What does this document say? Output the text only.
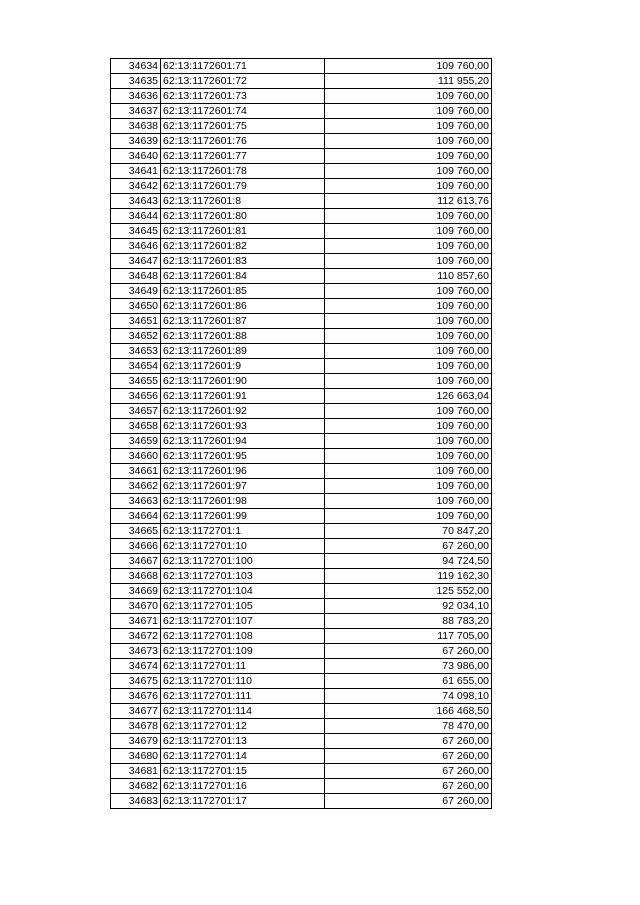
34634	62:13:1172601:71	109 760,00
34635	62:13:1172601:72	111 955,20
34636	62:13:1172601:73	109 760,00
34637	62:13:1172601:74	109 760,00
34638	62:13:1172601:75	109 760,00
34639	62:13:1172601:76	109 760,00
34640	62:13:1172601:77	109 760,00
34641	62:13:1172601:78	109 760,00
34642	62:13:1172601:79	109 760,00
34643	62:13:1172601:8	112 613,76
34644	62:13:1172601:80	109 760,00
34645	62:13:1172601:81	109 760,00
34646	62:13:1172601:82	109 760,00
34647	62:13:1172601:83	109 760,00
34648	62:13:1172601:84	110 857,60
34649	62:13:1172601:85	109 760,00
34650	62:13:1172601:86	109 760,00
34651	62:13:1172601:87	109 760,00
34652	62:13:1172601:88	109 760,00
34653	62:13:1172601:89	109 760,00
34654	62:13:1172601:9	109 760,00
34655	62:13:1172601:90	109 760,00
34656	62:13:1172601:91	126 663,04
34657	62:13:1172601:92	109 760,00
34658	62:13:1172601:93	109 760,00
34659	62:13:1172601:94	109 760,00
34660	62:13:1172601:95	109 760,00
34661	62:13:1172601:96	109 760,00
34662	62:13:1172601:97	109 760,00
34663	62:13:1172601:98	109 760,00
34664	62:13:1172601:99	109 760,00
34665	62:13:1172701:1	70 847,20
34666	62:13:1172701:10	67 260,00
34667	62:13:1172701:100	94 724,50
34668	62:13:1172701:103	119 162,30
34669	62:13:1172701:104	125 552,00
34670	62:13:1172701:105	92 034,10
34671	62:13:1172701:107	88 783,20
34672	62:13:1172701:108	117 705,00
34673	62:13:1172701:109	67 260,00
34674	62:13:1172701:11	73 986,00
34675	62:13:1172701:110	61 655,00
34676	62:13:1172701:111	74 098,10
34677	62:13:1172701:114	166 468,50
34678	62:13:1172701:12	78 470,00
34679	62:13:1172701:13	67 260,00
34680	62:13:1172701:14	67 260,00
34681	62:13:1172701:15	67 260,00
34682	62:13:1172701:16	67 260,00
34683	62:13:1172701:17	67 260,00
